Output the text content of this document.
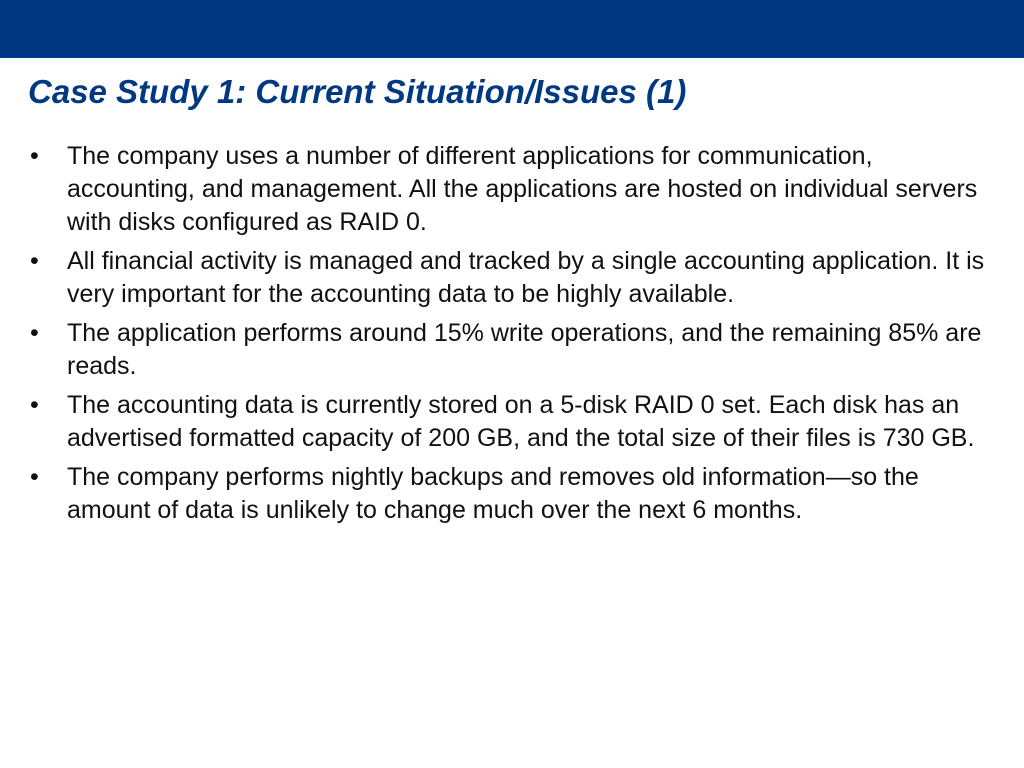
Case Study 1: Current Situation/Issues (1)
•	The company uses a number of different applications for communication, accounting, and management. All the applications are hosted on individual servers with disks configured as RAID 0.
•	All financial activity is managed and tracked by a single accounting application. It is very important for the accounting data to be highly available.
•	The application performs around 15% write operations, and the remaining 85% are reads.
•	The accounting data is currently stored on a 5-disk RAID 0 set. Each disk has an advertised formatted capacity of 200 GB, and the total size of their files is 730 GB.
•	The company performs nightly backups and removes old information—so the amount of data is unlikely to change much over the next 6 months.
